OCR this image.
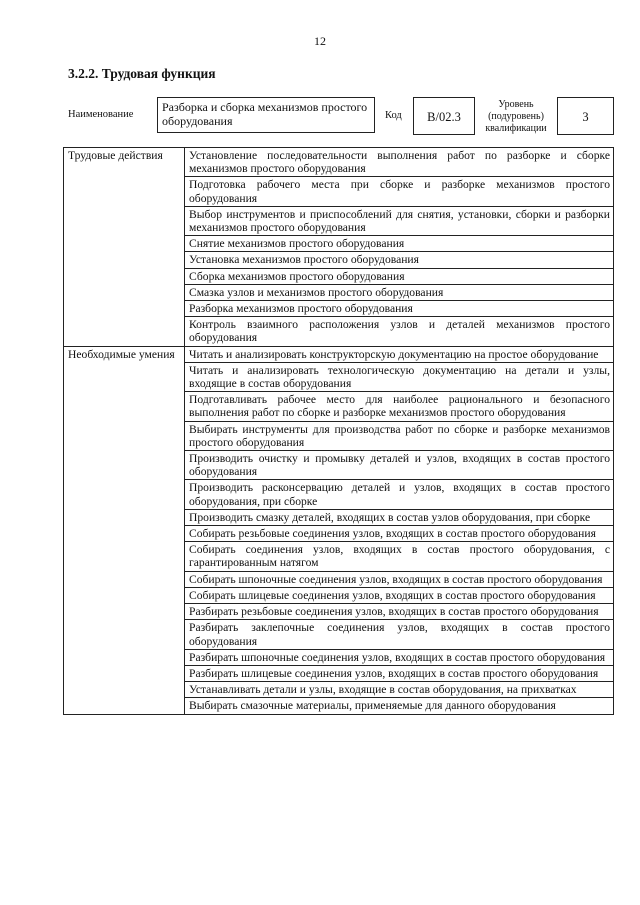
12
3.2.2. Трудовая функция
Наименование
Разборка и сборка механизмов простого оборудования	Код	В/02.3
Уровень (подуровень) квалификации
3
Трудовые действия	Установление последовательности выполнения работ по разборке и сборке механизмов простого оборудования
	Подготовка рабочего места при сборке и разборке механизмов простого оборудования
	Выбор инструментов и приспособлений для снятия, установки, сборки и разборки механизмов простого оборудования
	Снятие механизмов простого оборудования
	Установка механизмов простого оборудования
	Сборка механизмов простого оборудования
	Смазка узлов и механизмов простого оборудования
	Разборка механизмов простого оборудования
	Контроль взаимного расположения узлов и деталей механизмов простого оборудования
Необходимые умения	Читать и анализировать конструкторскую документацию на простое оборудование
	Читать и анализировать технологическую документацию на детали и узлы, входящие в состав оборудования
	Подготавливать рабочее место для наиболее рационального и безопасного выполнения работ по сборке и разборке механизмов простого оборудования
	Выбирать инструменты для производства работ по сборке и разборке механизмов простого оборудования
	Производить очистку и промывку деталей и узлов, входящих в состав простого оборудования
	Производить расконсервацию деталей и узлов, входящих в состав простого оборудования, при сборке
	Производить смазку деталей, входящих в состав узлов оборудования, при сборке
	Собирать резьбовые соединения узлов, входящих в состав простого оборудования
	Собирать соединения узлов, входящих в состав простого оборудования, с гарантированным натягом
	Собирать шпоночные соединения узлов, входящих в состав простого оборудования
	Собирать шлицевые соединения узлов, входящих в состав простого оборудования
	Разбирать резьбовые соединения узлов, входящих в состав простого оборудования
	Разбирать заклепочные соединения узлов, входящих в состав простого оборудования
	Разбирать шпоночные соединения узлов, входящих в состав простого оборудования
	Разбирать шлицевые соединения узлов, входящих в состав простого оборудования
	Устанавливать детали и узлы, входящие в состав оборудования, на прихватках
	Выбирать смазочные материалы, применяемые для данного оборудования
